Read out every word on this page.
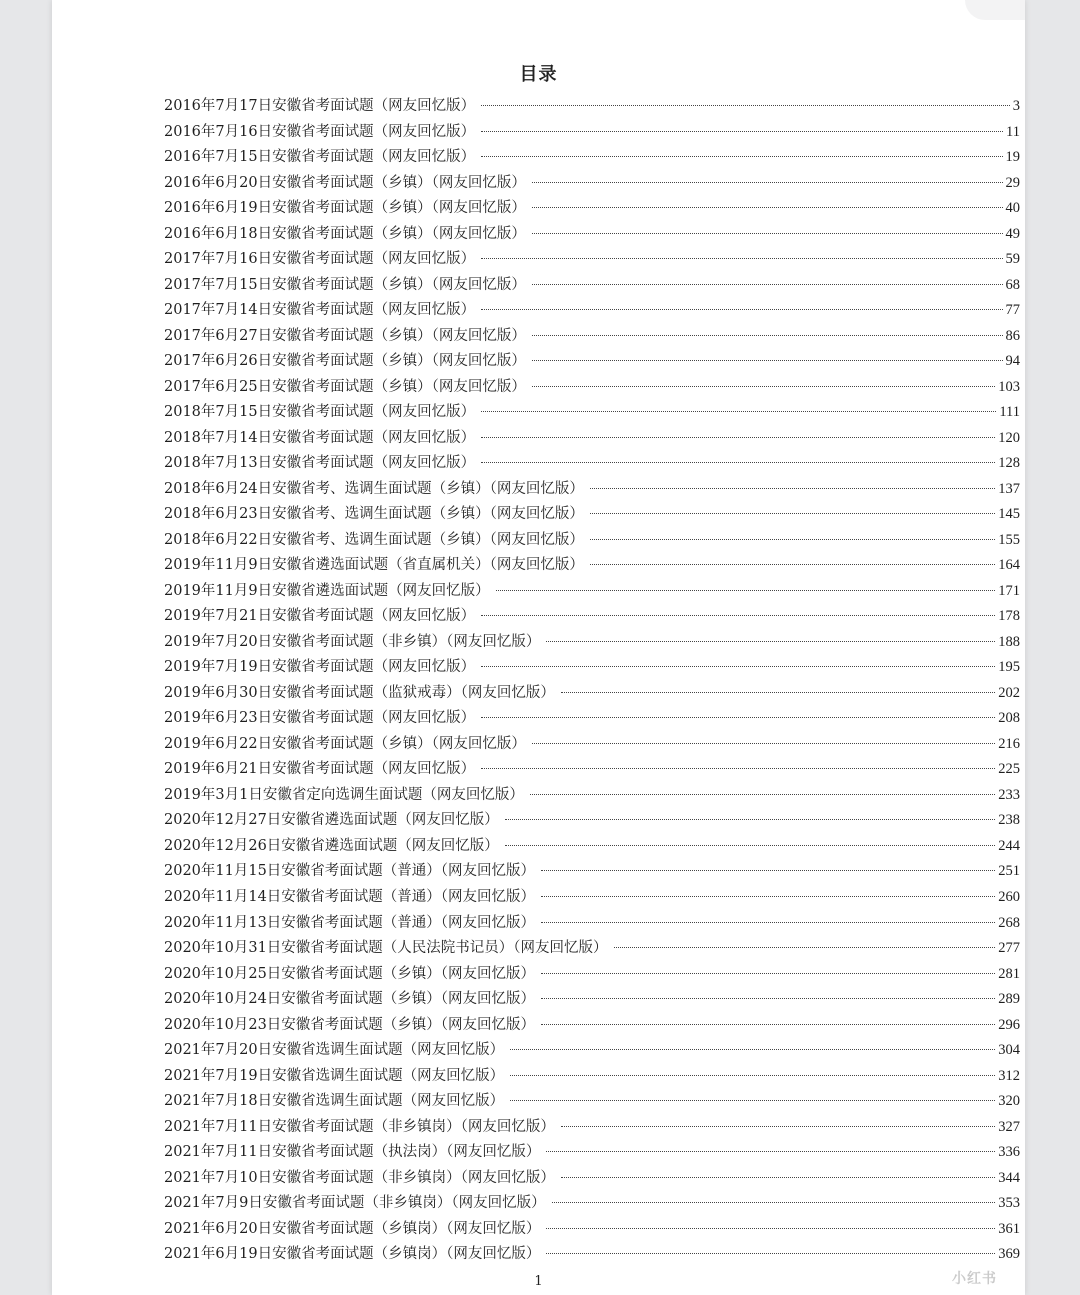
目录
2016年7月17日安徽省考面试题（网友回忆版）	3
2016年7月16日安徽省考面试题（网友回忆版）	11
2016年7月15日安徽省考面试题（网友回忆版）	19
2016年6月20日安徽省考面试题（乡镇）（网友回忆版）	29
2016年6月19日安徽省考面试题（乡镇）（网友回忆版）	40
2016年6月18日安徽省考面试题（乡镇）（网友回忆版）	49
2017年7月16日安徽省考面试题（网友回忆版）	59
2017年7月15日安徽省考面试题（乡镇）（网友回忆版）	68
2017年7月14日安徽省考面试题（网友回忆版）	77
2017年6月27日安徽省考面试题（乡镇）（网友回忆版）	86
2017年6月26日安徽省考面试题（乡镇）（网友回忆版）	94
2017年6月25日安徽省考面试题（乡镇）（网友回忆版）	103
2018年7月15日安徽省考面试题（网友回忆版）	111
2018年7月14日安徽省考面试题（网友回忆版）	120
2018年7月13日安徽省考面试题（网友回忆版）	128
2018年6月24日安徽省考、选调生面试题（乡镇）（网友回忆版）	137
2018年6月23日安徽省考、选调生面试题（乡镇）（网友回忆版）	145
2018年6月22日安徽省考、选调生面试题（乡镇）（网友回忆版）	155
2019年11月9日安徽省遴选面试题（省直属机关）（网友回忆版）	164
2019年11月9日安徽省遴选面试题（网友回忆版）	171
2019年7月21日安徽省考面试题（网友回忆版）	178
2019年7月20日安徽省考面试题（非乡镇）（网友回忆版）	188
2019年7月19日安徽省考面试题（网友回忆版）	195
2019年6月30日安徽省考面试题（监狱戒毒）（网友回忆版）	202
2019年6月23日安徽省考面试题（网友回忆版）	208
2019年6月22日安徽省考面试题（乡镇）（网友回忆版）	216
2019年6月21日安徽省考面试题（网友回忆版）	225
2019年3月1日安徽省定向选调生面试题（网友回忆版）	233
2020年12月27日安徽省遴选面试题（网友回忆版）	238
2020年12月26日安徽省遴选面试题（网友回忆版）	244
2020年11月15日安徽省考面试题（普通）（网友回忆版）	251
2020年11月14日安徽省考面试题（普通）（网友回忆版）	260
2020年11月13日安徽省考面试题（普通）（网友回忆版）	268
2020年10月31日安徽省考面试题（人民法院书记员）（网友回忆版）	277
2020年10月25日安徽省考面试题（乡镇）（网友回忆版）	281
2020年10月24日安徽省考面试题（乡镇）（网友回忆版）	289
2020年10月23日安徽省考面试题（乡镇）（网友回忆版）	296
2021年7月20日安徽省选调生面试题（网友回忆版）	304
2021年7月19日安徽省选调生面试题（网友回忆版）	312
2021年7月18日安徽省选调生面试题（网友回忆版）	320
2021年7月11日安徽省考面试题（非乡镇岗）（网友回忆版）	327
2021年7月11日安徽省考面试题（执法岗）（网友回忆版）	336
2021年7月10日安徽省考面试题（非乡镇岗）（网友回忆版）	344
2021年7月9日安徽省考面试题（非乡镇岗）（网友回忆版）	353
2021年6月20日安徽省考面试题（乡镇岗）（网友回忆版）	361
2021年6月19日安徽省考面试题（乡镇岗）（网友回忆版）	369
1	小红书
